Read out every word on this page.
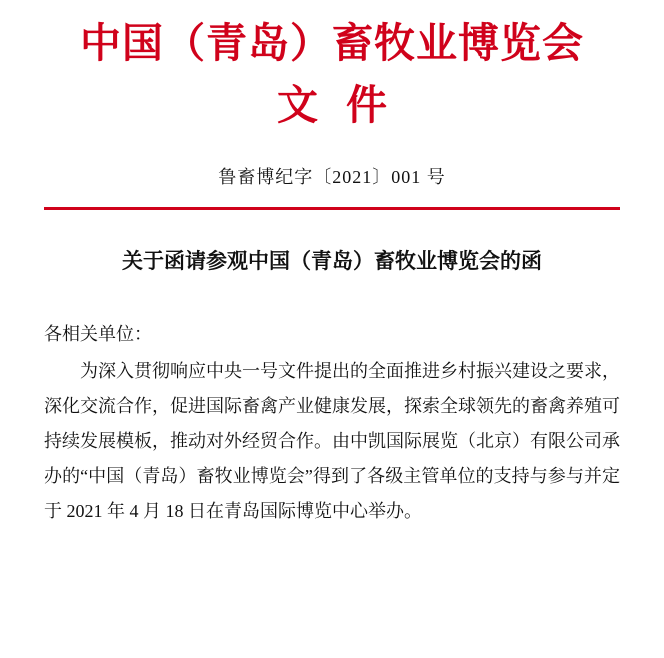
中国（青岛）畜牧业博览会
文件
鲁畜博纪字〔2021〕001 号
关于函请参观中国（青岛）畜牧业博览会的函
各相关单位：
为深入贯彻响应中央一号文件提出的全面推进乡村振兴建设之要求，深化交流合作，促进国际畜禽产业健康发展，探索全球领先的畜禽养殖可持续发展模板，推动对外经贸合作。由中凯国际展览（北京）有限公司承办的“中国（青岛）畜牧业博览会”得到了各级主管单位的支持与参与并定于 2021 年 4 月 18 日在青岛国际博览中心举办。
